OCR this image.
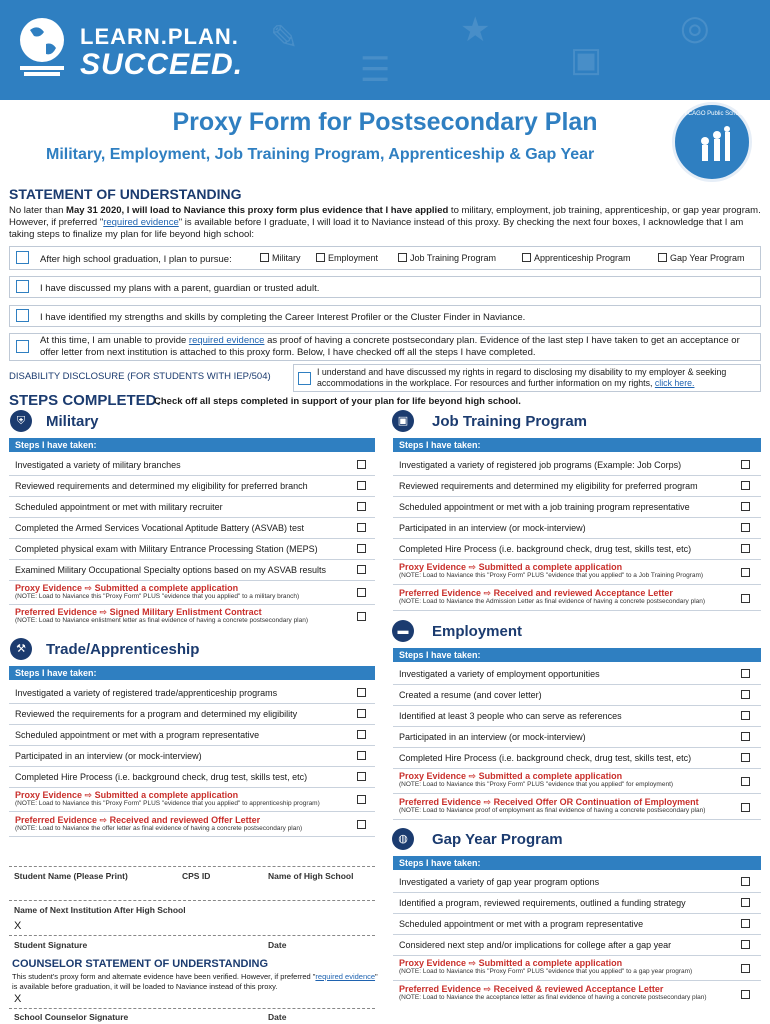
✎
☰
★
▣
◎
LEARN.PLAN.
SUCCEED.
Proxy Form for Postsecondary Plan
Military, Employment, Job Training Program, Apprenticeship & Gap Year
CHICAGO Public Schools
STATEMENT OF UNDERSTANDING
No later than May 31 2020, I will load to Naviance this proxy form plus evidence that I have applied to military, employment, job training, apprenticeship, or gap year program. However, if preferred "required evidence" is available before I graduate, I will load it to Naviance instead of this proxy. By checking the next four boxes, I acknowledge that I am taking steps to finalize my plan for life beyond high school:
After high school graduation, I plan to pursue:	Military	Employment	Job Training Program	Apprenticeship Program	Gap Year Program
I have discussed my plans with a parent, guardian or trusted adult.
I have identified my strengths and skills by completing the Career Interest Profiler or the Cluster Finder in Naviance.
At this time, I am unable to provide required evidence as proof of having a concrete postsecondary plan. Evidence of the last step I have taken to get an acceptance or offer letter from next institution is attached to this proxy form. Below, I have checked off all the steps I have completed.
DISABILITY DISCLOSURE (FOR STUDENTS WITH IEP/504)	I understand and have discussed my rights in regard to disclosing my disability to my employer & seeking accommodations in the workplace. For resources and further information on my rights, click here.
STEPS COMPLETED.
Check off all steps completed in support of your plan for life beyond high school.
⛨	Military
Steps I have taken:
Investigated a variety of military branches
Reviewed requirements and determined my eligibility for preferred branch
Scheduled appointment or met with military recruiter
Completed the Armed Services Vocational Aptitude Battery (ASVAB) test
Completed physical exam with Military Entrance Processing Station (MEPS)
Examined Military Occupational Specialty options based on my ASVAB results
Proxy Evidence ⇨ Submitted a complete application
(NOTE: Load to Naviance this "Proxy Form" PLUS "evidence that you applied" to a military branch)
Preferred Evidence ⇨ Signed Military Enlistment Contract
(NOTE: Load to Naviance enlistment letter as final evidence of having a concrete postsecondary plan)
⚒	Trade/Apprenticeship
Steps I have taken:
Investigated a variety of registered trade/apprenticeship programs
Reviewed the requirements for a program and determined my eligibility
Scheduled appointment or met with a program representative
Participated in an interview (or mock-interview)
Completed Hire Process (i.e. background check, drug test, skills test, etc)
Proxy Evidence ⇨ Submitted a complete application
(NOTE: Load to Naviance this "Proxy Form" PLUS "evidence that you applied" to apprenticeship program)
Preferred Evidence ⇨ Received and reviewed Offer Letter
(NOTE: Load to Naviance the offer letter as final evidence of having a concrete postsecondary plan)
▣	Job Training Program
Steps I have taken:
Investigated a variety of registered job programs (Example: Job Corps)
Reviewed requirements and determined my eligibility for preferred program
Scheduled appointment or met with a job training program representative
Participated in an interview (or mock-interview)
Completed Hire Process (i.e. background check, drug test, skills test, etc)
Proxy Evidence ⇨ Submitted a complete application
(NOTE: Load to Naviance this "Proxy Form" PLUS "evidence that you applied" to a Job Training Program)
Preferred Evidence ⇨ Received and reviewed Acceptance Letter
(NOTE: Load to Naviance the Admission Letter as final evidence of having a concrete postsecondary plan)
▬	Employment
Steps I have taken:
Investigated a variety of employment opportunities
Created a resume (and cover letter)
Identified at least 3 people who can serve as references
Participated in an interview (or mock-interview)
Completed Hire Process (i.e. background check, drug test, skills test, etc)
Proxy Evidence ⇨ Submitted a complete application
(NOTE: Load to Naviance this "Proxy Form" PLUS "evidence that you applied" for employment)
Preferred Evidence ⇨ Received Offer OR Continuation of Employment
(NOTE: Load to Naviance proof of employment as final evidence of having a concrete postsecondary plan)
◍	Gap Year Program
Steps I have taken:
Investigated a variety of gap year program options
Identified a program, reviewed requirements, outlined a funding strategy
Scheduled appointment or met with a program representative
Considered next step and/or implications for college after a gap year
Proxy Evidence ⇨ Submitted a complete application
(NOTE: Load to Naviance this "Proxy Form" PLUS "evidence that you applied" to a gap year program)
Preferred Evidence ⇨ Received & reviewed Acceptance Letter
(NOTE: Load to Naviance the acceptance letter as final evidence of having a concrete postsecondary plan)
Student Name (Please Print)	CPS ID	Name of High School
Name of Next Institution After High School
X
Student Signature	Date
COUNSELOR STATEMENT OF UNDERSTANDING
This student's proxy form and alternate evidence have been verified. However, if preferred "required evidence" is available before graduation, it will be loaded to Naviance instead of this proxy.
X
School Counselor Signature	Date
